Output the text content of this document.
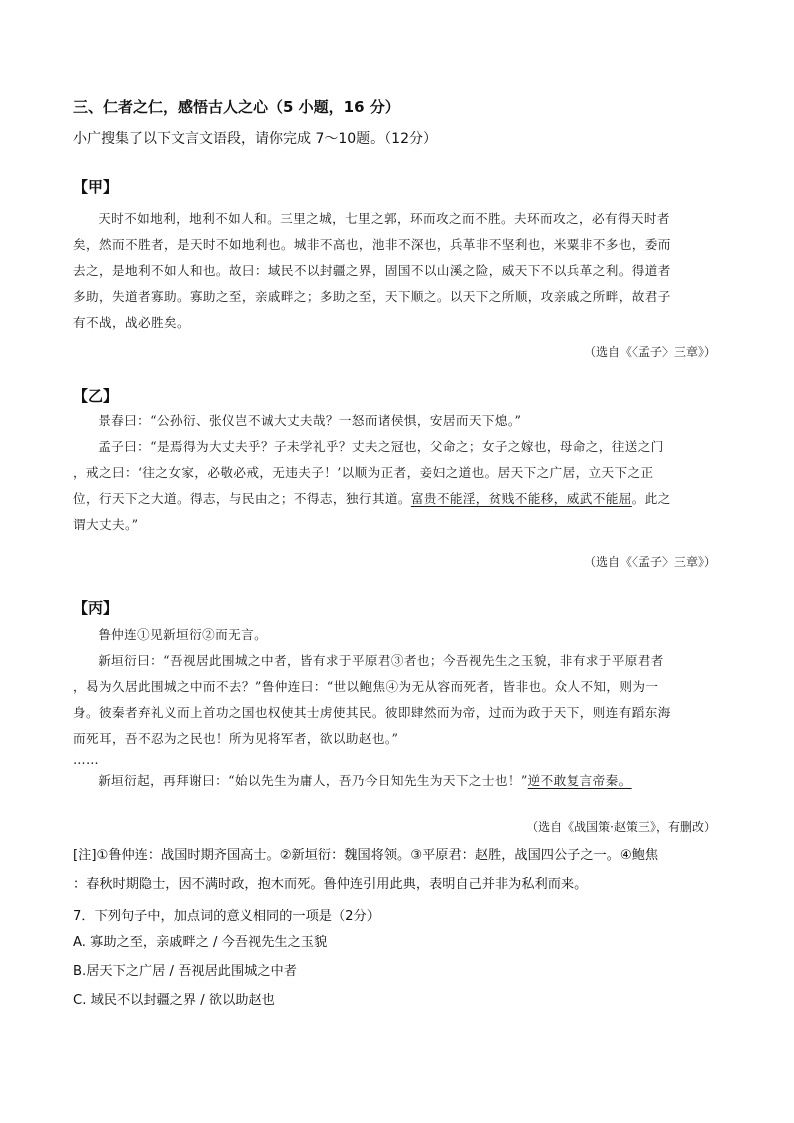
三、仁者之仁，感悟古人之心（5 小题，16 分）
小广搜集了以下文言文语段，请你完成 7～10题。（12分）
【甲】

天时不如地利，地利不如人和。三里之城，七里之郭，环而攻之而不胜。夫环而攻之，必有得天时者

矣，然而不胜者，是天时不如地利也。城非不高也，池非不深也，兵革非不坚利也，米粟非不多也，委而

去之，是地利不如人和也。故曰：域民不以封疆之界，固国不以山溪之险，威天下不以兵革之利。得道者

多助，失道者寡助。寡助之至，亲戚畔之；多助之至，天下顺之。以天下之所顺，攻亲戚之所畔，故君子

有不战，战必胜矣。

（选自《〈孟子〉三章》）
【乙】

景春曰：“公孙衍、张仪岂不诚大丈夫哉？一怒而诸侯惧，安居而天下熄。”

孟子曰：“是焉得为大丈夫乎？子未学礼乎？丈夫之冠也，父命之；女子之嫁也，母命之，往送之门

，戒之曰：‘往之女家，必敬必戒，无违夫子！’以顺为正者，妾妇之道也。居天下之广居，立天下之正

位，行天下之大道。得志，与民由之；不得志，独行其道。富贵不能淫，贫贱不能移，威武不能屈。此之

谓大丈夫。”

（选自《〈孟子〉三章》）
【丙】

鲁仲连①见新垣衍②而无言。

新垣衍曰：“吾视居此围城之中者，皆有求于平原君③者也；今吾视先生之玉貌，非有求于平原君者

，曷为久居此围城之中而不去？”鲁仲连曰：“世以鲍焦④为无从容而死者，皆非也。众人不知，则为一

身。彼秦者弃礼义而上首功之国也权使其士虏使其民。彼即肆然而为帝，过而为政于天下，则连有蹈东海

而死耳，吾不忍为之民也！所为见将军者，欲以助赵也。”

……

新垣衍起，再拜谢曰：“始以先生为庸人，吾乃今日知先生为天下之士也！”逆不敢复言帝秦。

（选自《战国策·赵策三》，有删改）

[注]①鲁仲连：战国时期齐国高士。②新垣衍：魏国将领。③平原君：赵胜，战国四公子之一。④鲍焦

：春秋时期隐士，因不满时政，抱木而死。鲁仲连引用此典，表明自己并非为私利而来。

7．下列句子中，加点词的意义相同的一项是（2分）
A. 寡助之至，亲戚畔之 / 今吾视先生之玉貌
B.居天下之广居 / 吾视居此围城之中者
C. 域民不以封疆之界 / 欲以助赵也
